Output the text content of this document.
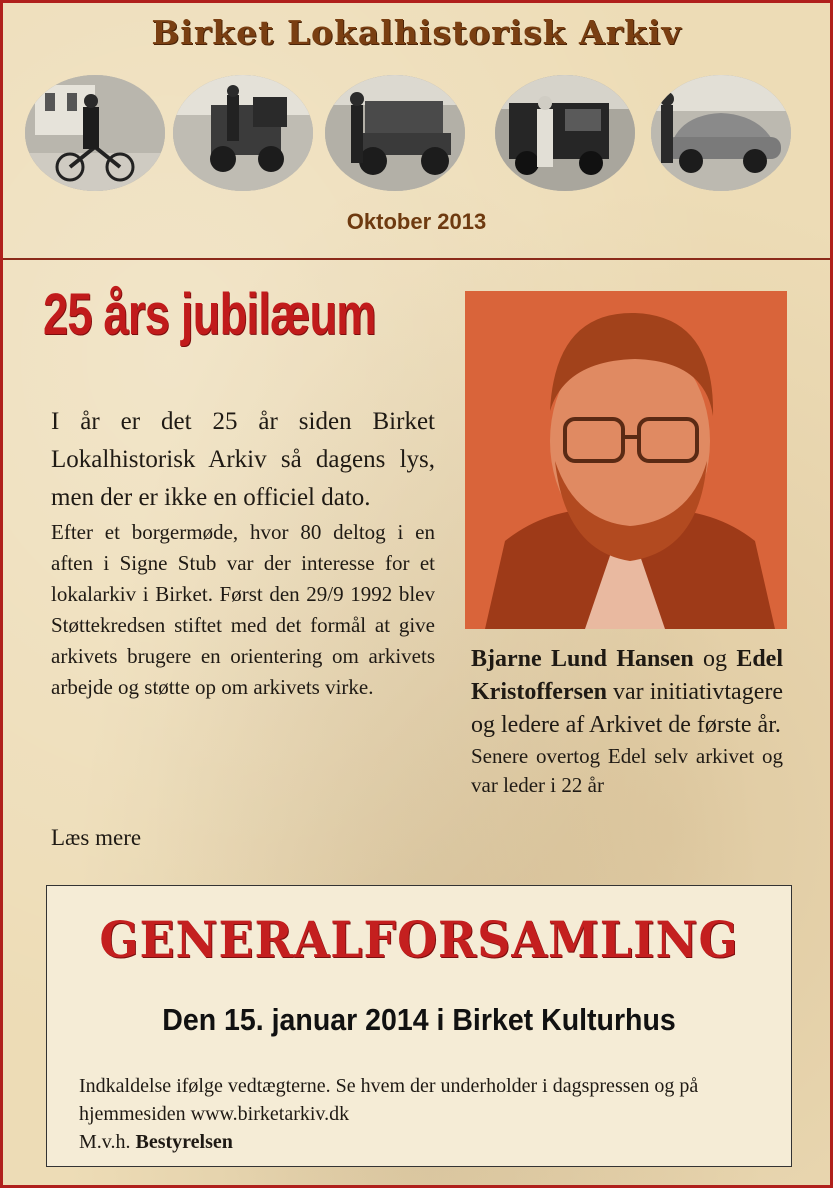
Birket Lokalhistorisk Arkiv
Oktober 2013
25 års jubilæum

I år er det 25 år siden Birket Lokalhistorisk Arkiv så dagens lys, men der er ikke en officiel dato.

Efter et borgermøde, hvor 80 deltog i en aften i Signe Stub var der interesse for et lokalarkiv i Birket. Først den 29/9 1992 blev Støttekredsen stiftet med det formål at give arkivets brugere en orientering om arkivets arbejde og støtte op om arkivets virke.

Læs mere
Bjarne Lund Hansen og Edel Kristoffersen var initiativtagere og ledere af Arkivet de første år.
Senere overtog Edel selv arkivet og var leder i 22 år
GENERALFORSAMLING
Den 15. januar 2014 i Birket Kulturhus

Indkaldelse ifølge vedtægterne. Se hvem der underholder i dagspressen og på hjemmesiden www.birketarkiv.dk

M.v.h. Bestyrelsen
